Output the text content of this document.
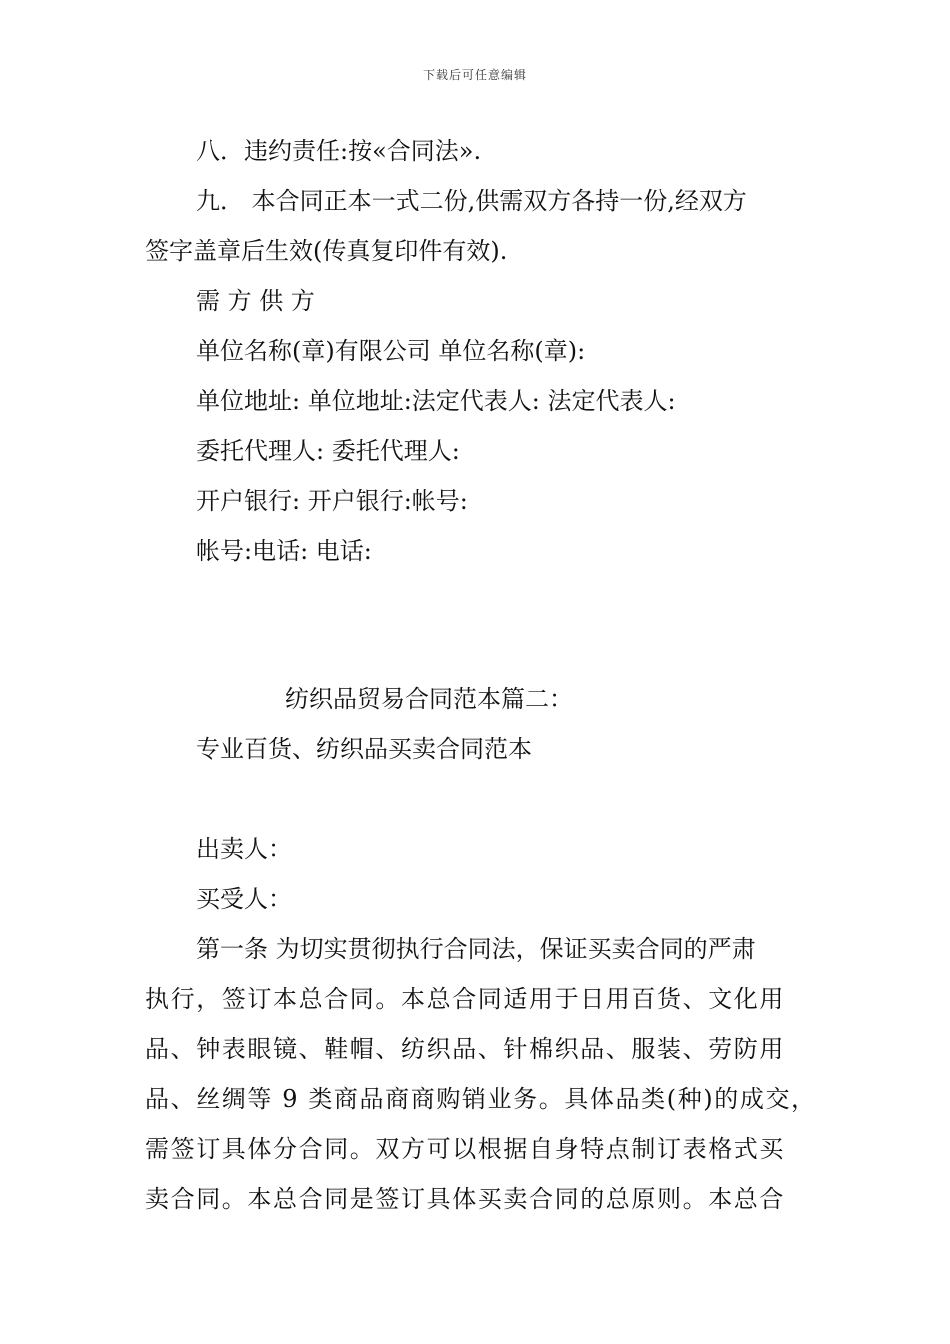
下载后可任意编辑
八．违约责任:按«合同法».
九． 本合同正本一式二份,供需双方各持一份,经双方
签字盖章后生效(传真复印件有效).
需 方 供 方
单位名称(章)有限公司 单位名称(章):
单位地址: 单位地址:法定代表人: 法定代表人:
委托代理人: 委托代理人:
开户银行: 开户银行:帐号:
帐号:电话: 电话:
纺织品贸易合同范本篇二：
专业百货、纺织品买卖合同范本
出卖人：
买受人：
第一条 为切实贯彻执行合同法，保证买卖合同的严肃
执行，签订本总合同。本总合同适用于日用百货、文化用
品、钟表眼镜、鞋帽、纺织品、针棉织品、服装、劳防用
品、丝绸等 9 类商品商商购销业务。具体品类(种)的成交，
需签订具体分合同。双方可以根据自身特点制订表格式买
卖合同。本总合同是签订具体买卖合同的总原则。本总合
